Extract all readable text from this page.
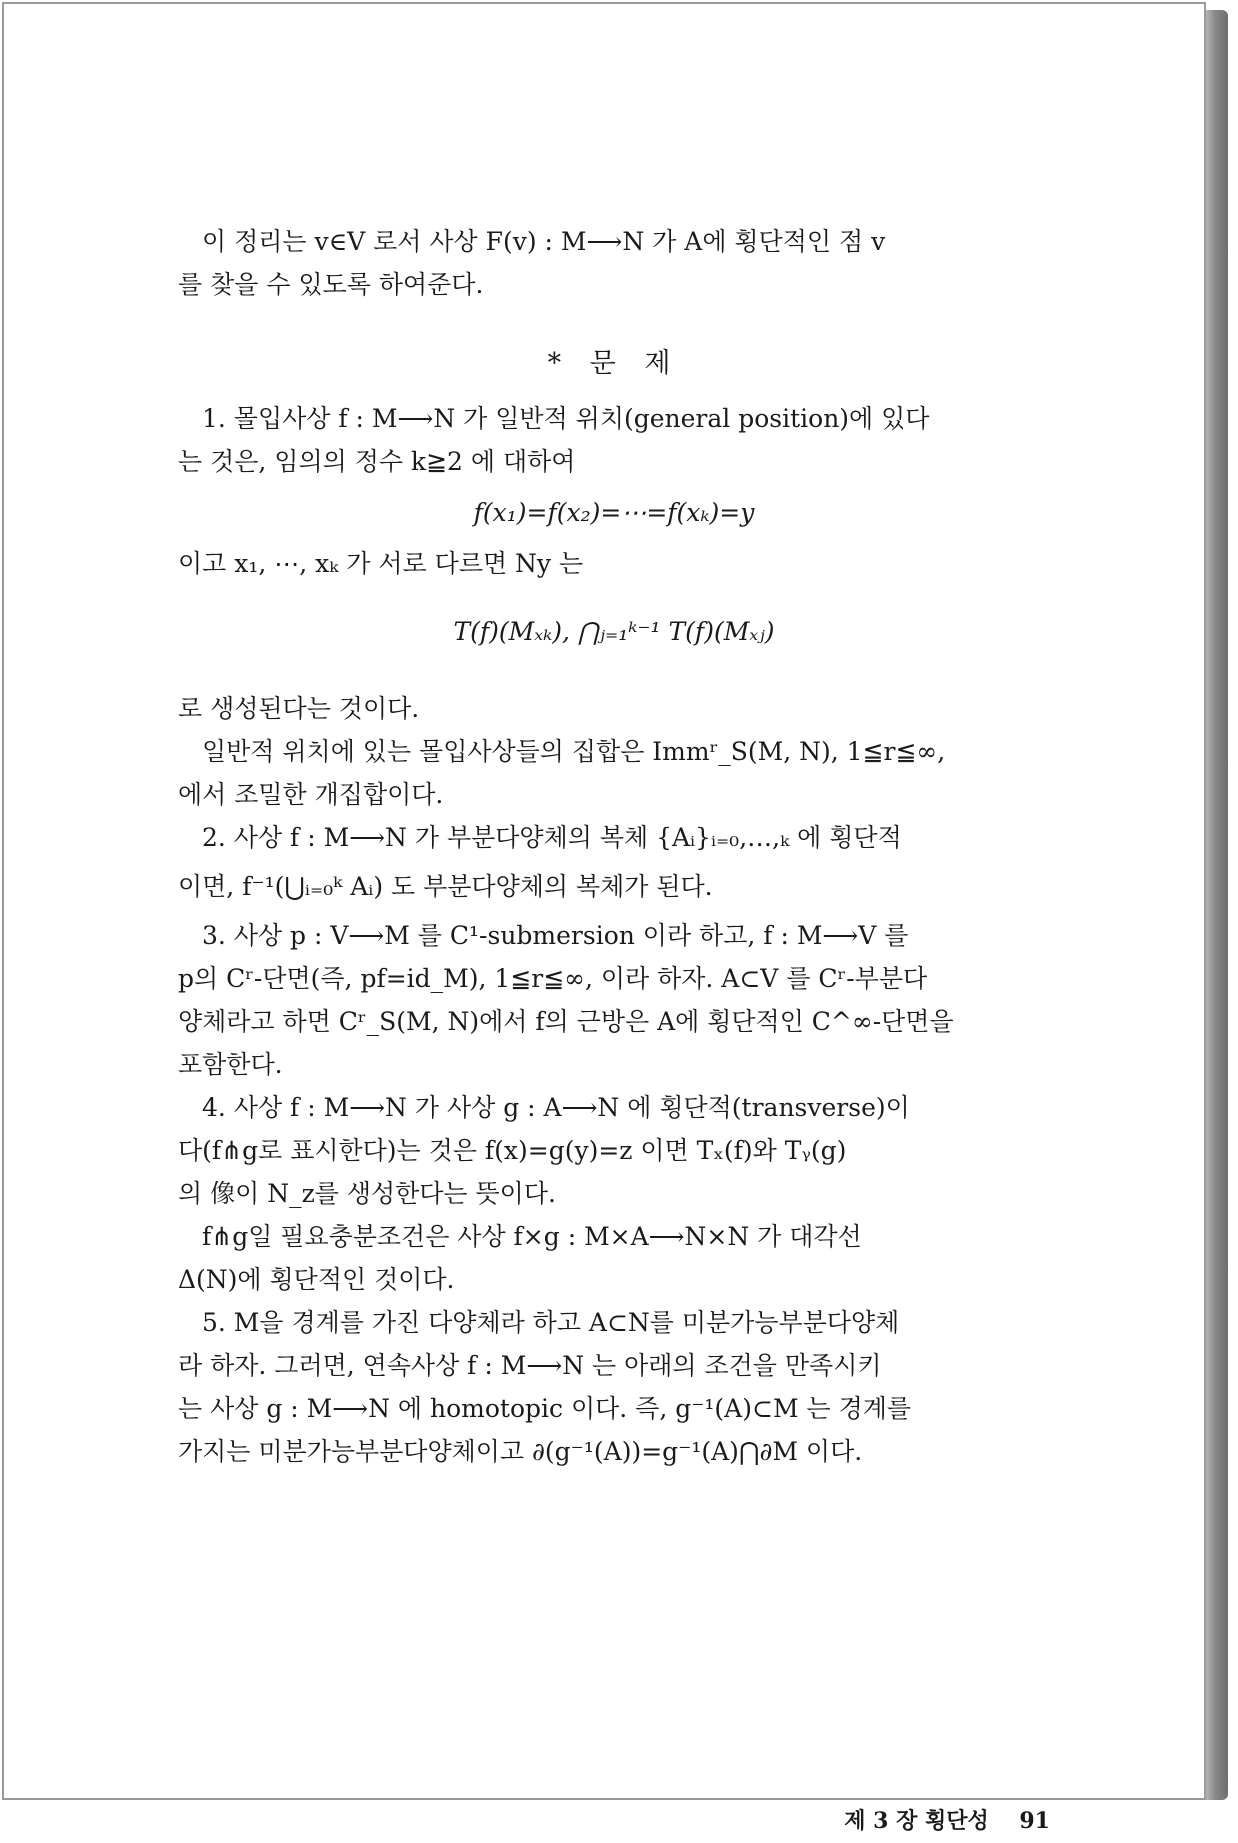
이 정리는 v∈V 로서 사상 F(v) : M⟶N 가 A에 횡단적인 점 v

를 찾을 수 있도록 하여준다.

* 문 제

1. 몰입사상 f : M⟶N 가 일반적 위치(general position)에 있다

는 것은, 임의의 정수 k≧2 에 대하여

f(x₁)=f(x₂)=⋯=f(xₖ)=y

이고 x₁, ⋯, xₖ 가 서로 다르면 Ny 는

T(f)(Mₓₖ), ⋂ⱼ₌₁ᵏ⁻¹ T(f)(Mₓⱼ)

로 생성된다는 것이다.

일반적 위치에 있는 몰입사상들의 집합은 Immʳ_S(M, N), 1≦r≦∞,

에서 조밀한 개집합이다.

2. 사상 f : M⟶N 가 부분다양체의 복체 {Aᵢ}ᵢ₌₀,…,ₖ 에 횡단적

이면, f⁻¹(⋃ᵢ₌₀ᵏ Aᵢ) 도 부분다양체의 복체가 된다.

3. 사상 p : V⟶M 를 C¹-submersion 이라 하고, f : M⟶V 를

p의 Cʳ-단면(즉, pf=id_M), 1≦r≦∞, 이라 하자. A⊂V 를 Cʳ-부분다

양체라고 하면 Cʳ_S(M, N)에서 f의 근방은 A에 횡단적인 C^∞-단면을

포함한다.

4. 사상 f : M⟶N 가 사상 g : A⟶N 에 횡단적(transverse)이

다(f⋔g로 표시한다)는 것은 f(x)=g(y)=z 이면 Tₓ(f)와 Tᵧ(g)

의 像이 N_z를 생성한다는 뜻이다.

f⋔g일 필요충분조건은 사상 f×g : M×A⟶N×N 가 대각선

Δ(N)에 횡단적인 것이다.

5. M을 경계를 가진 다양체라 하고 A⊂N를 미분가능부분다양체

라 하자. 그러면, 연속사상 f : M⟶N 는 아래의 조건을 만족시키

는 사상 g : M⟶N 에 homotopic 이다. 즉, g⁻¹(A)⊂M 는 경계를

가지는 미분가능부분다양체이고 ∂(g⁻¹(A))=g⁻¹(A)⋂∂M 이다.

제 3 장 횡단성 91
